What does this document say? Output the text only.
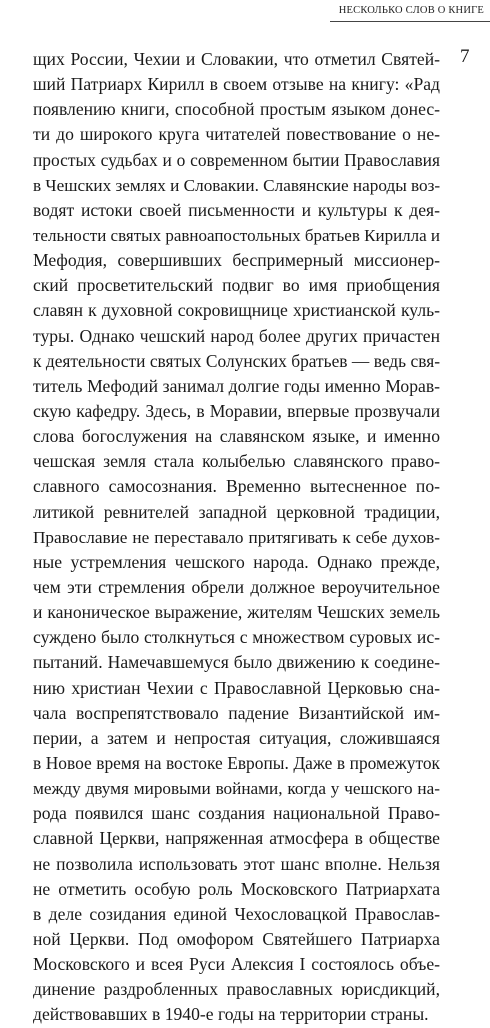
НЕСКОЛЬКО СЛОВ О КНИГЕ
7
щих России, Чехии и Словакии, что отметил Святей-
ший Патриарх Кирилл в своем отзыве на книгу: «Рад
появлению книги, способной простым языком донес-
ти до широкого круга читателей повествование о не-
простых судьбах и о современном бытии Православия
в Чешских землях и Словакии. Славянские народы воз-
водят истоки своей письменности и культуры к дея-
тельности святых равноапостольных братьев Кирилла и
Мефодия, совершивших беспримерный миссионер-
ский просветительский подвиг во имя приобщения
славян к духовной сокровищнице христианской куль-
туры. Однако чешский народ более других причастен
к деятельности святых Солунских братьев — ведь свя-
титель Мефодий занимал долгие годы именно Морав-
скую кафедру. Здесь, в Моравии, впервые прозвучали
слова богослужения на славянском языке, и именно
чешская земля стала колыбелью славянского право-
славного самосознания. Временно вытесненное по-
литикой ревнителей западной церковной традиции,
Православие не переставало притягивать к себе духов-
ные устремления чешского народа. Однако прежде,
чем эти стремления обрели должное вероучительное
и каноническое выражение, жителям Чешских земель
суждено было столкнуться с множеством суровых ис-
пытаний. Намечавшемуся было движению к соедине-
нию христиан Чехии с Православной Церковью сна-
чала воспрепятствовало падение Византийской им-
перии, а затем и непростая ситуация, сложившаяся
в Новое время на востоке Европы. Даже в промежуток
между двумя мировыми войнами, когда у чешского на-
рода появился шанс создания национальной Право-
славной Церкви, напряженная атмосфера в обществе
не позволила использовать этот шанс вполне. Нельзя
не отметить особую роль Московского Патриархата
в деле созидания единой Чехословацкой Православ-
ной Церкви. Под омофором Святейшего Патриарха
Московского и всея Руси Алексия I состоялось объе-
динение раздробленных православных юрисдикций,
действовавших в 1940-е годы на территории страны.
